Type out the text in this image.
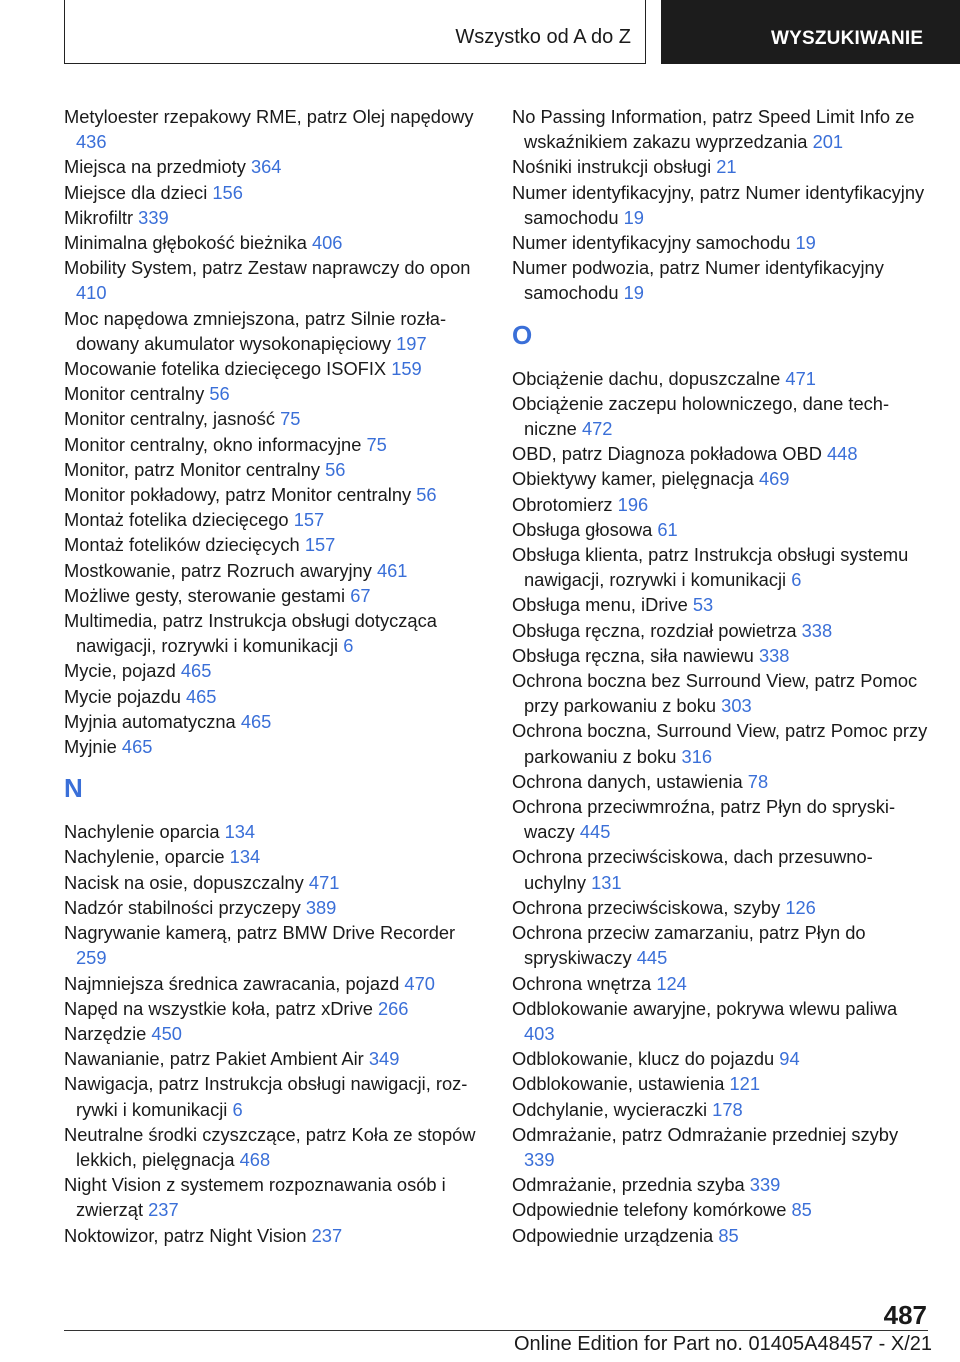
Wszystko od A do Z	WYSZUKIWANIE
Metyloester rzepakowy RME, patrz Olej napędowy 436
Miejsca na przedmioty 364
Miejsce dla dzieci 156
Mikrofiltr 339
Minimalna głębokość bieżnika 406
Mobility System, patrz Zestaw naprawczy do opon 410
Moc napędowa zmniejszona, patrz Silnie rozładowany akumulator wysokonapięciowy 197
Mocowanie fotelika dziecięcego ISOFIX 159
Monitor centralny 56
Monitor centralny, jasność 75
Monitor centralny, okno informacyjne 75
Monitor, patrz Monitor centralny 56
Monitor pokładowy, patrz Monitor centralny 56
Montaż fotelika dziecięcego 157
Montaż fotelików dziecięcych 157
Mostkowanie, patrz Rozruch awaryjny 461
Możliwe gesty, sterowanie gestami 67
Multimedia, patrz Instrukcja obsługi dotycząca nawigacji, rozrywki i komunikacji 6
Mycie, pojazd 465
Mycie pojazdu 465
Myjnia automatyczna 465
Myjnie 465
N
Nachylenie oparcia 134
Nachylenie, oparcie 134
Nacisk na osie, dopuszczalny 471
Nadzór stabilności przyczepy 389
Nagrywanie kamerą, patrz BMW Drive Recorder 259
Najmniejsza średnica zawracania, pojazd 470
Napęd na wszystkie koła, patrz xDrive 266
Narzędzie 450
Nawanianie, patrz Pakiet Ambient Air 349
Nawigacja, patrz Instrukcja obsługi nawigacji, rozrywki i komunikacji 6
Neutralne środki czyszczące, patrz Koła ze stopów lekkich, pielęgnacja 468
Night Vision z systemem rozpoznawania osób i zwierząt 237
Noktowizor, patrz Night Vision 237
No Passing Information, patrz Speed Limit Info ze wskaźnikiem zakazu wyprzedzania 201
Nośniki instrukcji obsługi 21
Numer identyfikacyjny, patrz Numer identyfikacyjny samochodu 19
Numer identyfikacyjny samochodu 19
Numer podwozia, patrz Numer identyfikacyjny samochodu 19
O
Obciążenie dachu, dopuszczalne 471
Obciążenie zaczepu holowniczego, dane techniczne 472
OBD, patrz Diagnoza pokładowa OBD 448
Obiektywy kamer, pielęgnacja 469
Obrotomierz 196
Obsługa głosowa 61
Obsługa klienta, patrz Instrukcja obsługi systemu nawigacji, rozrywki i komunikacji 6
Obsługa menu, iDrive 53
Obsługa ręczna, rozdział powietrza 338
Obsługa ręczna, siła nawiewu 338
Ochrona boczna bez Surround View, patrz Pomoc przy parkowaniu z boku 303
Ochrona boczna, Surround View, patrz Pomoc przy parkowaniu z boku 316
Ochrona danych, ustawienia 78
Ochrona przeciwmroźna, patrz Płyn do spryskiwaczy 445
Ochrona przeciwściskowa, dach przesuwno-uchylny 131
Ochrona przeciwściskowa, szyby 126
Ochrona przeciw zamarzaniu, patrz Płyn do spryskiwaczy 445
Ochrona wnętrza 124
Odblokowanie awaryjne, pokrywa wlewu paliwa 403
Odblokowanie, klucz do pojazdu 94
Odblokowanie, ustawienia 121
Odchylanie, wycieraczki 178
Odmrażanie, patrz Odmrażanie przedniej szyby 339
Odmrażanie, przednia szyba 339
Odpowiednie telefony komórkowe 85
Odpowiednie urządzenia 85
487
Online Edition for Part no. 01405A48457 - X/21
